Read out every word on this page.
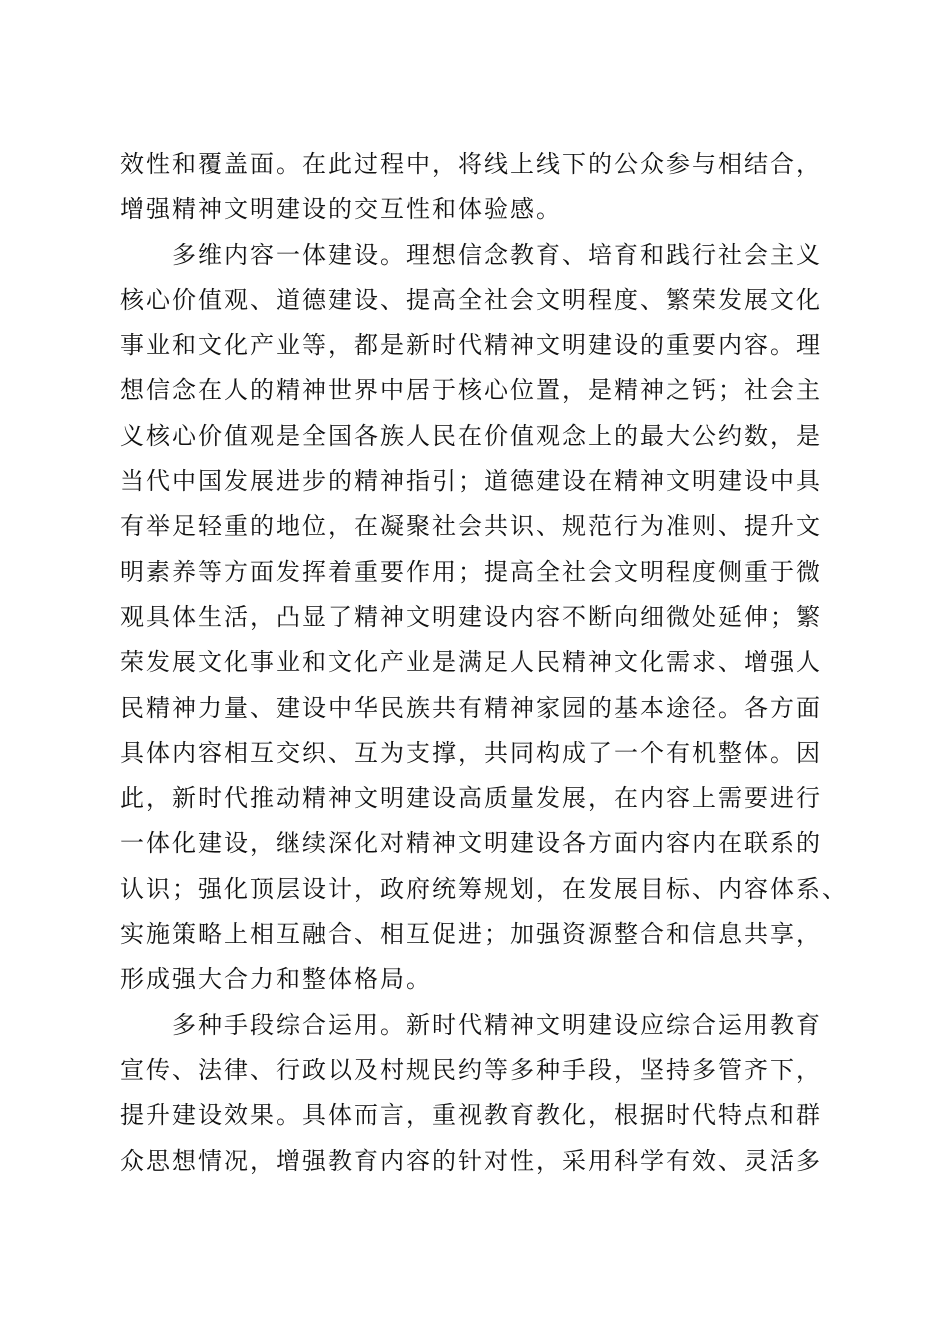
效性和覆盖面。在此过程中，将线上线下的公众参与相结合，
增强精神文明建设的交互性和体验感。
多维内容一体建设。理想信念教育、培育和践行社会主义
核心价值观、道德建设、提高全社会文明程度、繁荣发展文化
事业和文化产业等，都是新时代精神文明建设的重要内容。理
想信念在人的精神世界中居于核心位置，是精神之钙；社会主
义核心价值观是全国各族人民在价值观念上的最大公约数，是
当代中国发展进步的精神指引；道德建设在精神文明建设中具
有举足轻重的地位，在凝聚社会共识、规范行为准则、提升文
明素养等方面发挥着重要作用；提高全社会文明程度侧重于微
观具体生活，凸显了精神文明建设内容不断向细微处延伸；繁
荣发展文化事业和文化产业是满足人民精神文化需求、增强人
民精神力量、建设中华民族共有精神家园的基本途径。各方面
具体内容相互交织、互为支撑，共同构成了一个有机整体。因
此，新时代推动精神文明建设高质量发展，在内容上需要进行
一体化建设，继续深化对精神文明建设各方面内容内在联系的
认识；强化顶层设计，政府统筹规划，在发展目标、内容体系、
实施策略上相互融合、相互促进；加强资源整合和信息共享，
形成强大合力和整体格局。
多种手段综合运用。新时代精神文明建设应综合运用教育
宣传、法律、行政以及村规民约等多种手段，坚持多管齐下，
提升建设效果。具体而言，重视教育教化，根据时代特点和群
众思想情况，增强教育内容的针对性，采用科学有效、灵活多
